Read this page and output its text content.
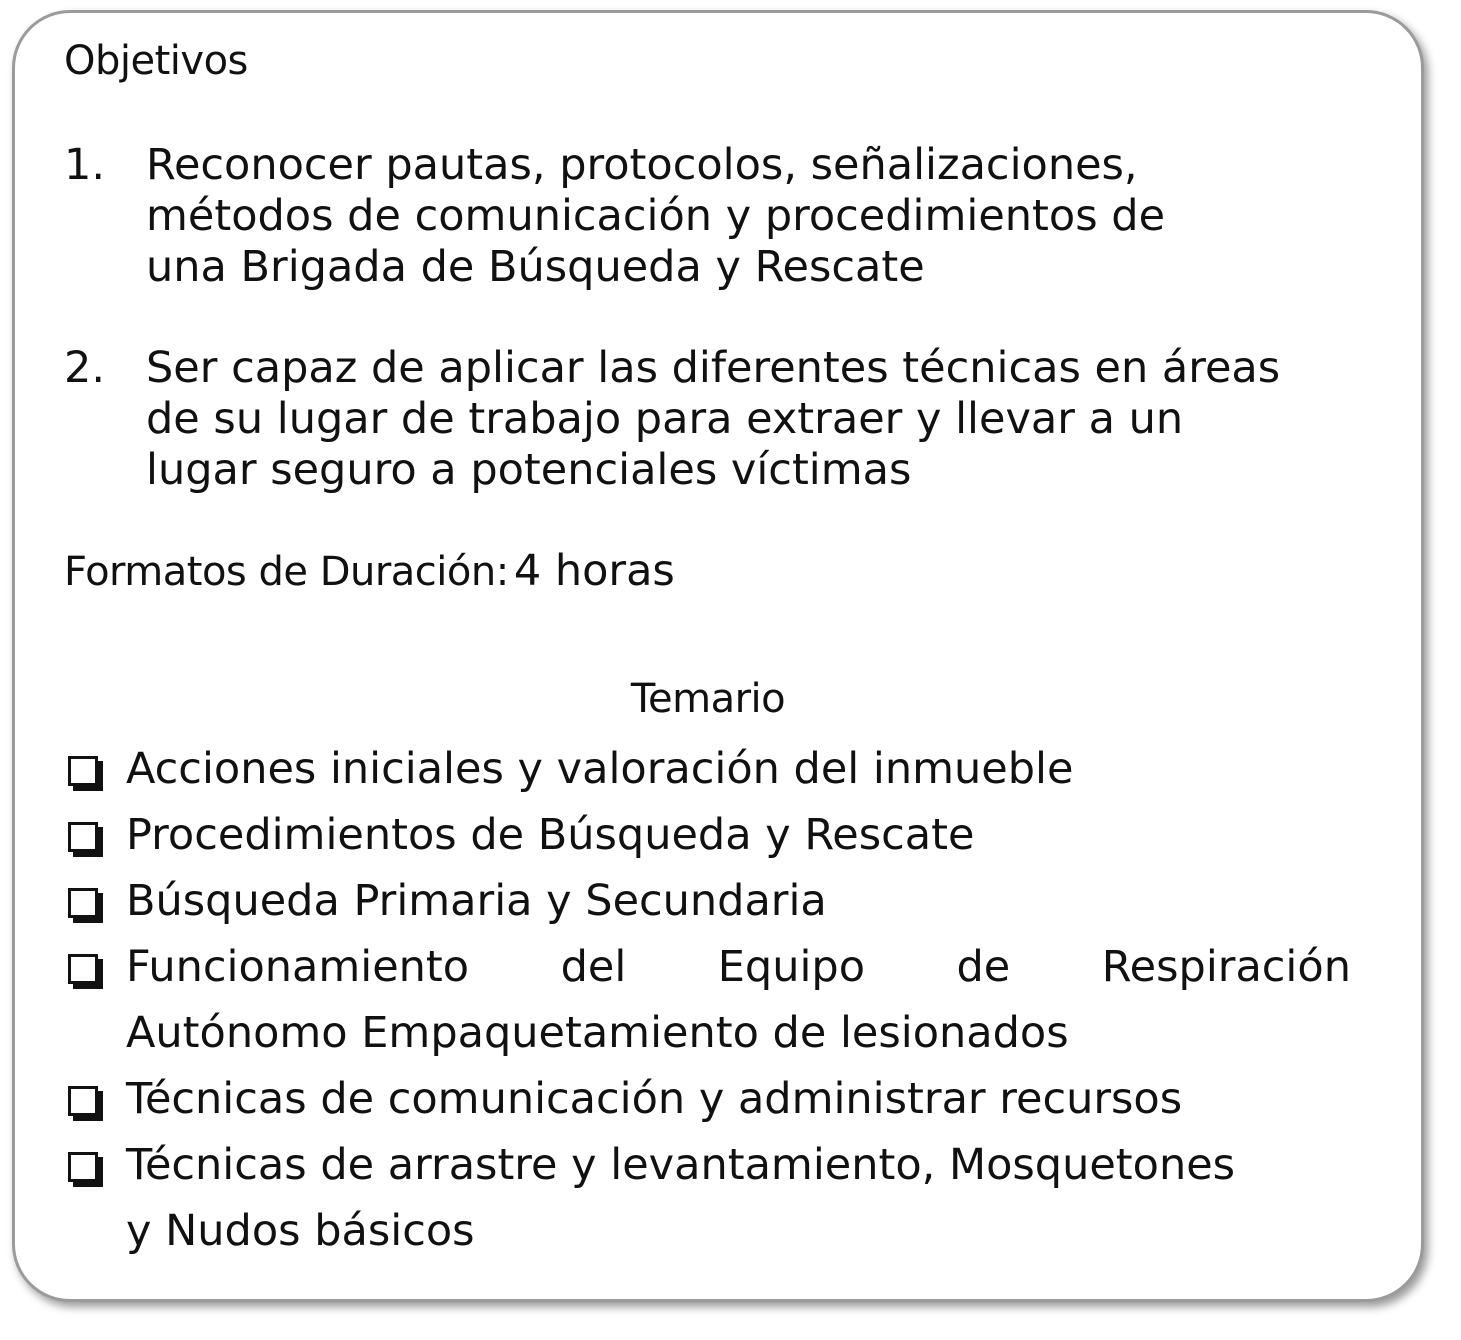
Objetivos
1. Reconocer pautas, protocolos, señalizaciones,
métodos de comunicación y procedimientos de
una Brigada de Búsqueda y Rescate
2. Ser capaz de aplicar las diferentes técnicas en áreas
de su lugar de trabajo para extraer y llevar a un
lugar seguro a potenciales víctimas
Formatos de Duración: 4 horas
Temario
Acciones iniciales y valoración del inmueble
Procedimientos de Búsqueda y Rescate
Búsqueda Primaria y Secundaria
Funcionamiento del Equipo de Respiración
Autónomo Empaquetamiento de lesionados
Técnicas de comunicación y administrar recursos
Técnicas de arrastre y levantamiento, Mosquetones
y Nudos básicos
